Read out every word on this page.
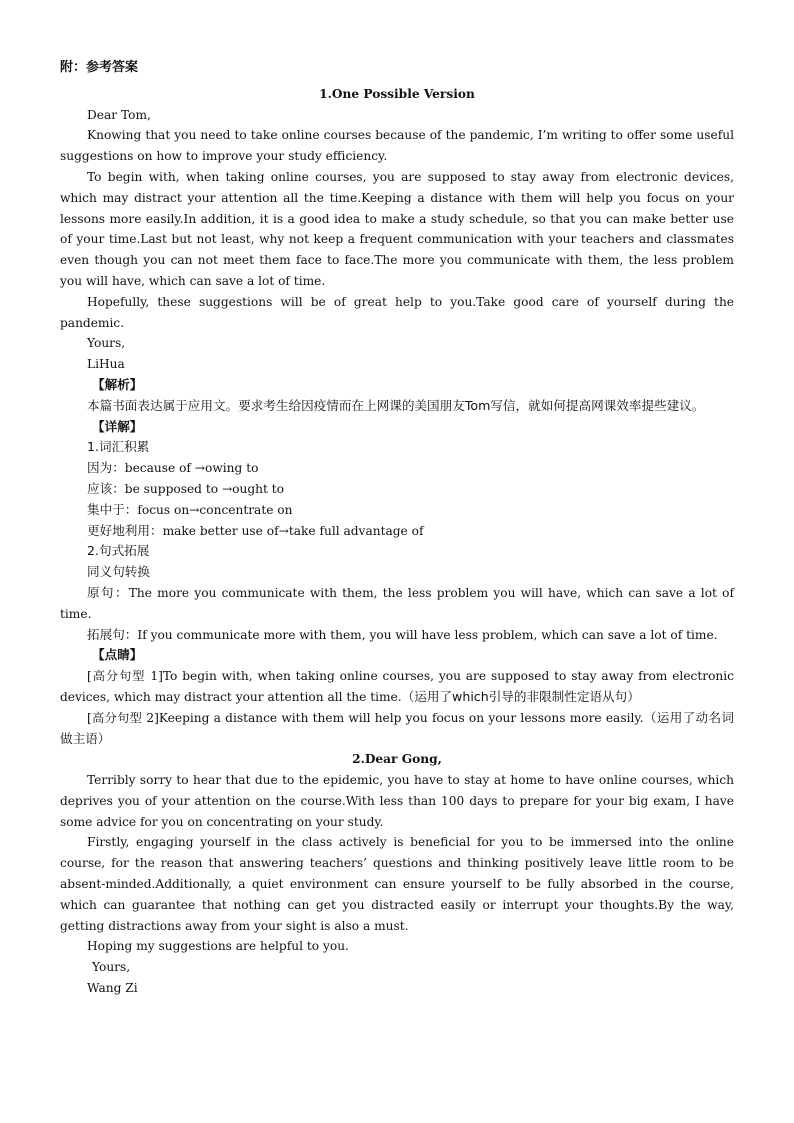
附：参考答案

1.One Possible Version

Dear Tom,

Knowing that you need to take online courses because of the pandemic, I’m writing to offer some useful suggestions on how to improve your study efficiency.

To begin with, when taking online courses, you are supposed to stay away from electronic devices, which may distract your attention all the time.Keeping a distance with them will help you focus on your lessons more easily.In addition, it is a good idea to make a study schedule, so that you can make better use of your time.Last but not least, why not keep a frequent communication with your teachers and classmates even though you can not meet them face to face.The more you communicate with them, the less problem you will have, which can save a lot of time.

Hopefully, these suggestions will be of great help to you.Take good care of yourself during the pandemic.

Yours,

LiHua

【解析】

本篇书面表达属于应用文。要求考生给因疫情而在上网课的美国朋友Tom写信，就如何提高网课效率提些建议。

【详解】

1.词汇积累

因为：because of →owing to

应该：be supposed to →ought to

集中于：focus on→concentrate on

更好地利用：make better use of→take full advantage of

2.句式拓展

同义句转换

原句：The more you communicate with them, the less problem you will have, which can save a lot of time.

拓展句：If you communicate more with them, you will have less problem, which can save a lot of time.

【点睛】

[高分句型 1]To begin with, when taking online courses, you are supposed to stay away from electronic devices, which may distract your attention all the time.（运用了which引导的非限制性定语从句）

[高分句型 2]Keeping a distance with them will help you focus on your lessons more easily.（运用了动名词做主语）

2.Dear Gong,

Terribly sorry to hear that due to the epidemic, you have to stay at home to have online courses, which deprives you of your attention on the course.With less than 100 days to prepare for your big exam, I have some advice for you on concentrating on your study.

Firstly, engaging yourself in the class actively is beneficial for you to be immersed into the online course, for the reason that answering teachers’ questions and thinking positively leave little room to be absent-minded.Additionally, a quiet environment can ensure yourself to be fully absorbed in the course, which can guarantee that nothing can get you distracted easily or interrupt your thoughts.By the way, getting distractions away from your sight is also a must.

Hoping my suggestions are helpful to you.

Yours,

Wang Zi
